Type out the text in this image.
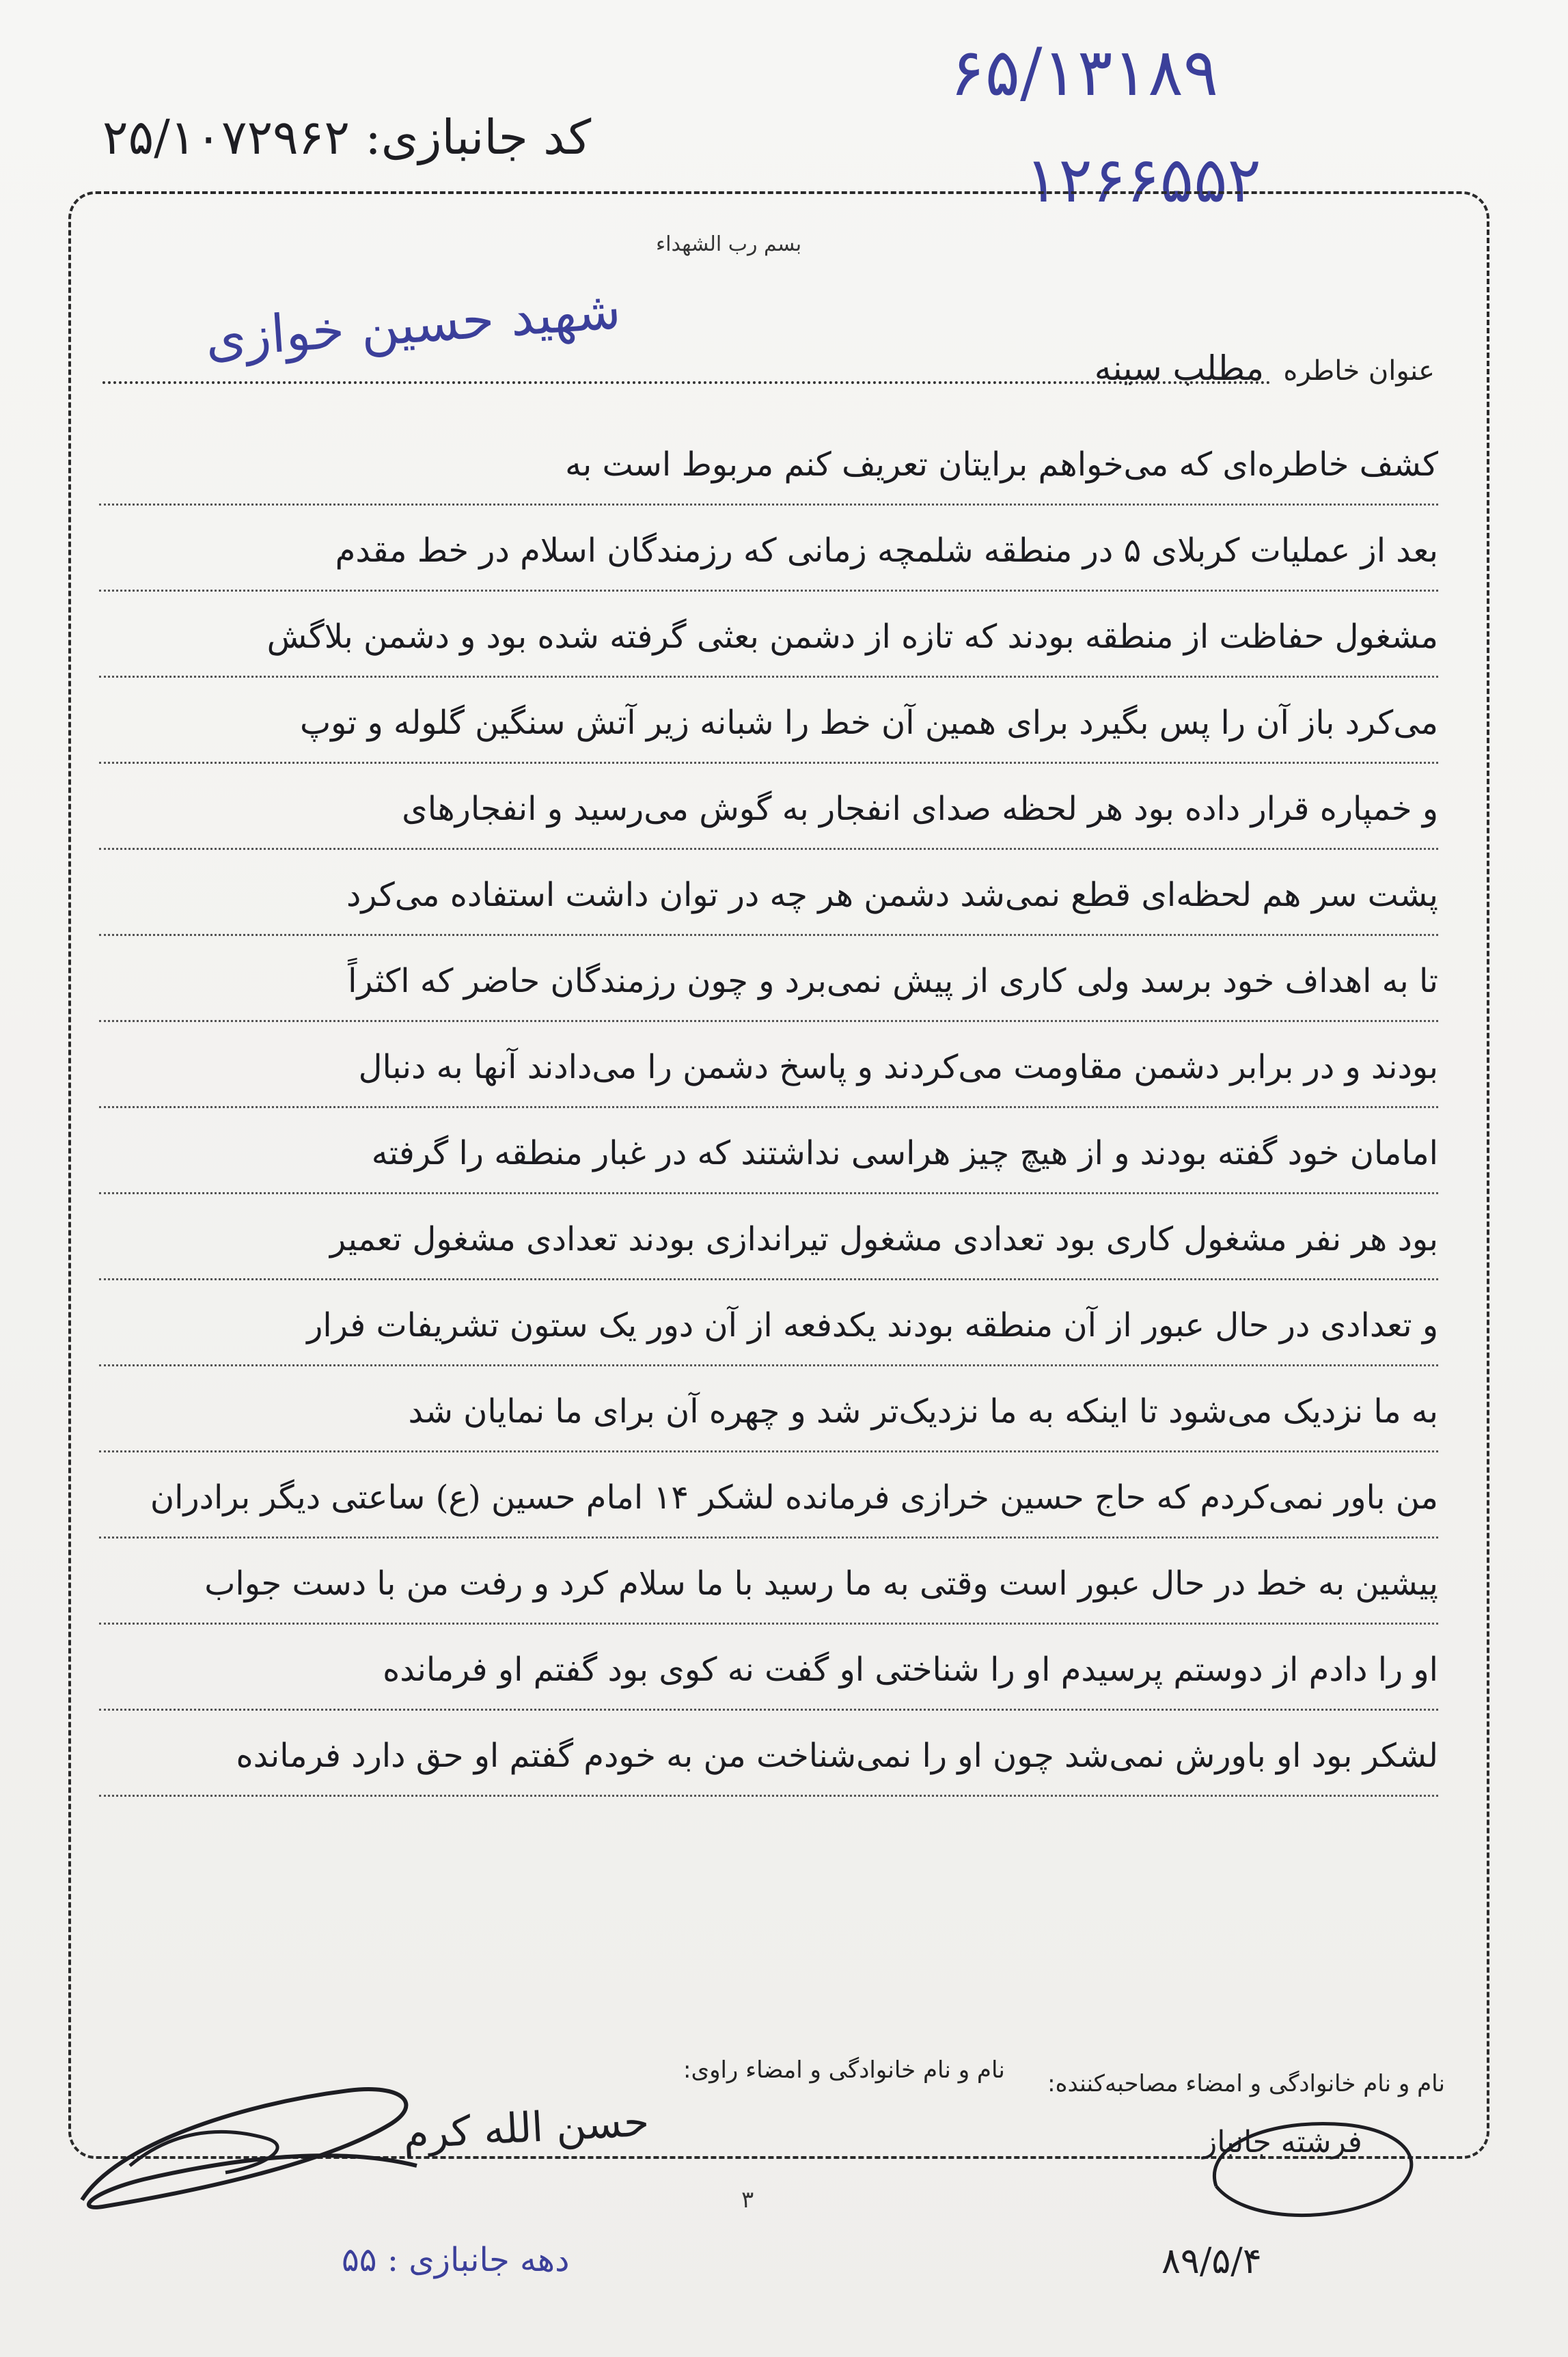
۶۵/۱۳۱۸۹
۱۲۶۶۵۵۲
کد جانبازی: ۲۵/۱۰۷۲۹۶۲
بسم رب الشهداء
شهید حسین خوازی
عنوان خاطره
مطلب سینه
کشف خاطره‌ای که می‌خواهم برایتان تعریف کنم مربوط است به
بعد از عملیات کربلای ۵ در منطقه شلمچه زمانی که رزمندگان اسلام در خط مقدم
مشغول حفاظت از منطقه بودند که تازه از دشمن بعثی گرفته شده بود و دشمن بلاگش
می‌کرد باز آن را پس بگیرد برای همین آن خط را شبانه زیر آتش سنگین گلوله و توپ
و خمپاره قرار داده بود هر لحظه صدای انفجار به گوش می‌رسید و انفجارهای
پشت سر هم لحظه‌ای قطع نمی‌شد دشمن هر چه در توان داشت استفاده می‌کرد
تا به اهداف خود برسد ولی کاری از پیش نمی‌برد و چون رزمندگان حاضر که اکثراً
بودند و در برابر دشمن مقاومت می‌کردند و پاسخ دشمن را می‌دادند آنها به دنبال
امامان خود گفته بودند و از هیچ چیز هراسی نداشتند که در غبار منطقه را گرفته
بود هر نفر مشغول کاری بود تعدادی مشغول تیراندازی بودند تعدادی مشغول تعمیر
و تعدادی در حال عبور از آن منطقه بودند یکدفعه از آن دور یک ستون تشریفات فرار
به ما نزدیک می‌شود تا اینکه به ما نزدیک‌تر شد و چهره آن برای ما نمایان شد
من باور نمی‌کردم که حاج حسین خرازی فرمانده لشکر ۱۴ امام حسین (ع) ساعتی دیگر برادران
پیشین به خط در حال عبور است وقتی به ما رسید با ما سلام کرد و رفت من با دست جواب
او را دادم از دوستم پرسیدم او را شناختی او گفت نه کوی بود گفتم او فرمانده
لشکر بود او باورش نمی‌شد چون او را نمی‌شناخت من به خودم گفتم او حق دارد فرمانده
نام و نام خانوادگی و امضاء مصاحبه‌کننده:
نام و نام خانوادگی و امضاء راوی:
حسن الله کرم
۳
دهه جانبازی : ۵۵
فرشته جانباز
۸۹/۵/۴
